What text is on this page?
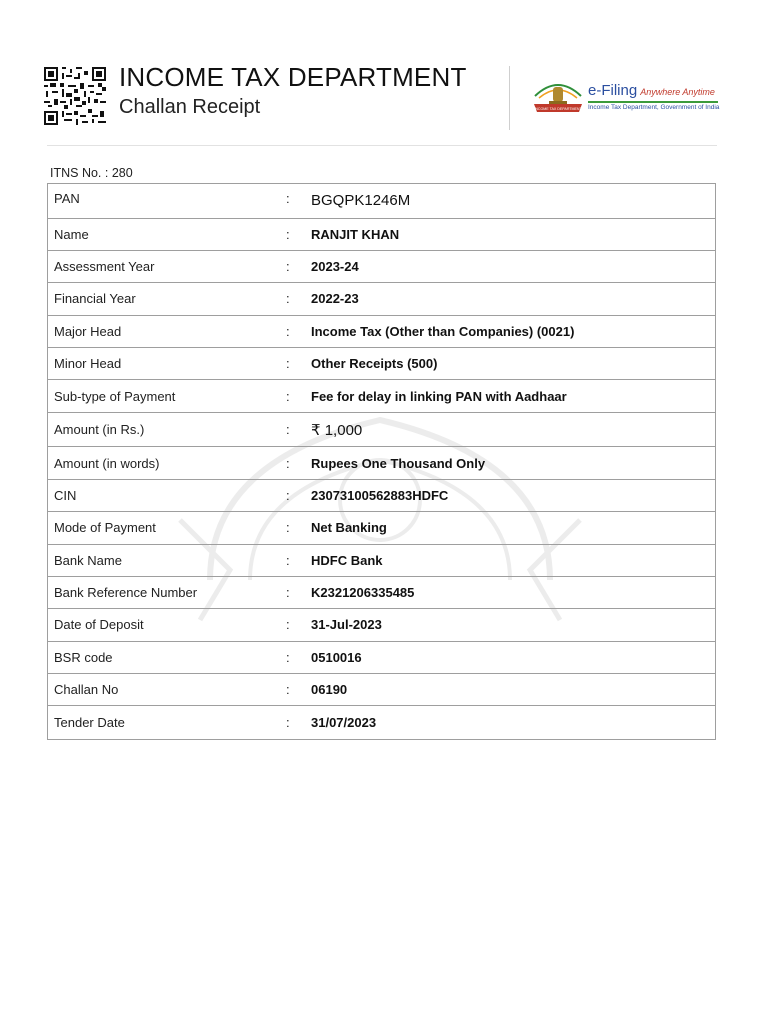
INCOME TAX DEPARTMENT
Challan Receipt	INCOME TAX DEPARTMENT
e-Filing Anywhere Anytime
Income Tax Department, Government of India
ITNS No. : 280
PAN	: BGQPK1246M
Name	: RANJIT KHAN
Assessment Year	: 2023-24
Financial Year	: 2022-23
Major Head	: Income Tax (Other than Companies) (0021)
Minor Head	: Other Receipts (500)
Sub-type of Payment	: Fee for delay in linking PAN with Aadhaar
Amount (in Rs.)	: ₹ 1,000
Amount (in words)	: Rupees One Thousand Only
CIN	: 23073100562883HDFC
Mode of Payment	: Net Banking
Bank Name	: HDFC Bank
Bank Reference Number	: K2321206335485
Date of Deposit	: 31-Jul-2023
BSR code	: 0510016
Challan No	: 06190
Tender Date	: 31/07/2023
